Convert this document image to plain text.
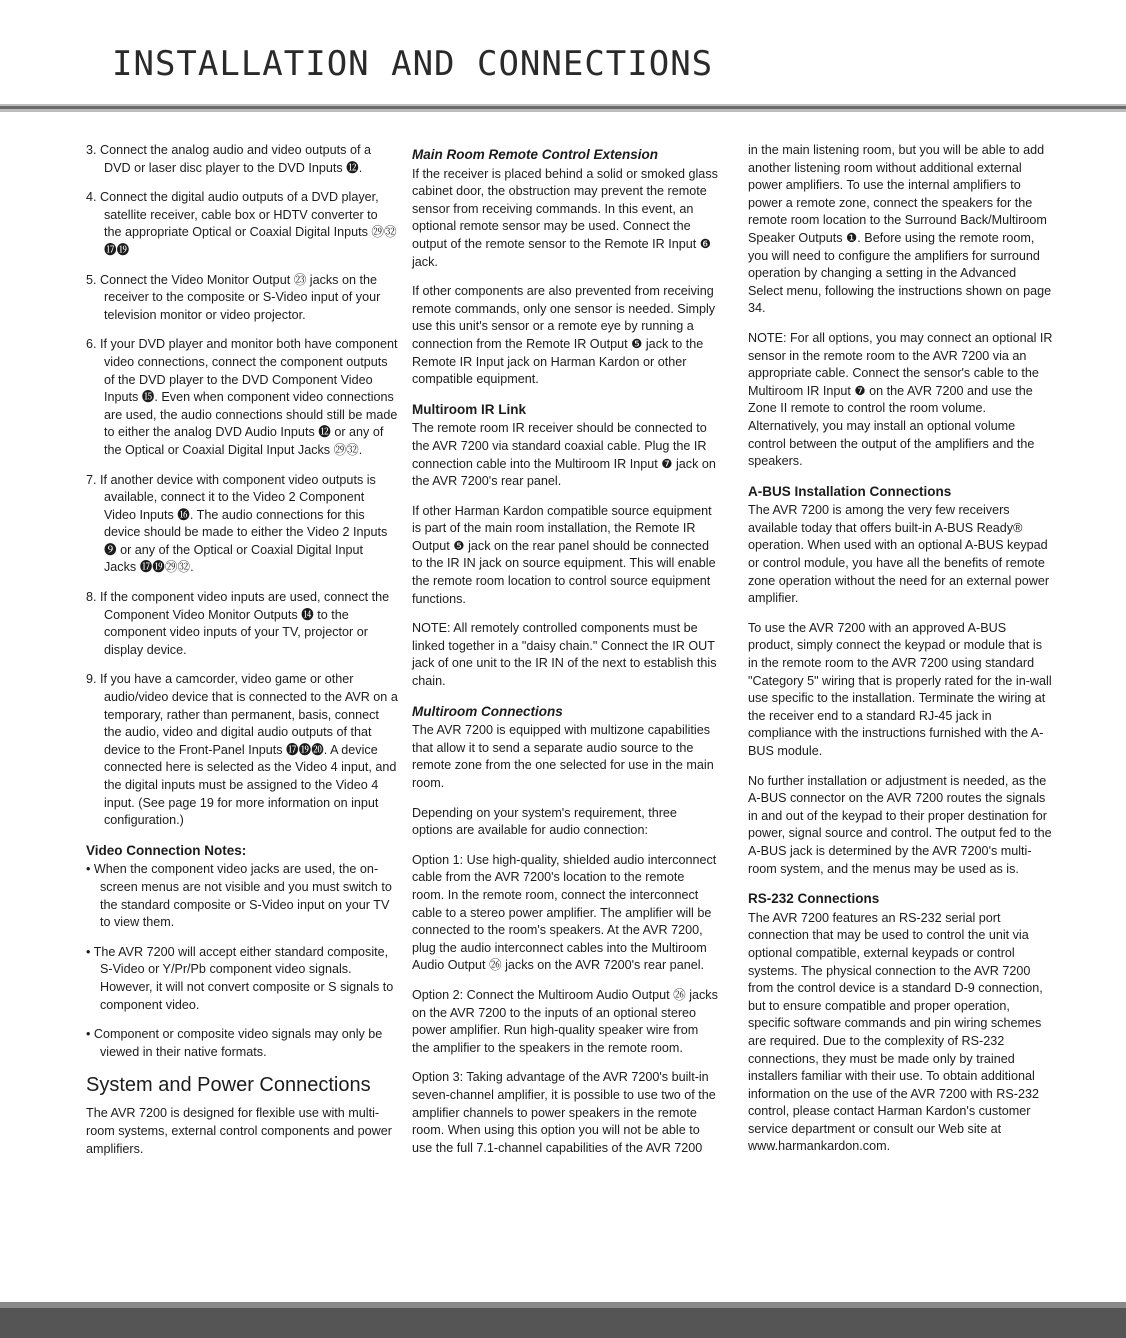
INSTALLATION AND CONNECTIONS

3. Connect the analog audio and video outputs of a DVD or laser disc player to the DVD Inputs ⓬.

4. Connect the digital audio outputs of a DVD player, satellite receiver, cable box or HDTV converter to the appropriate Optical or Coaxial Digital Inputs ㉙㉜⓱⓳

5. Connect the Video Monitor Output ㉓ jacks on the receiver to the composite or S-Video input of your television monitor or video projector.

6. If your DVD player and monitor both have component video connections, connect the component outputs of the DVD player to the DVD Component Video Inputs ⓯. Even when component video connections are used, the audio connections should still be made to either the analog DVD Audio Inputs ⓬ or any of the Optical or Coaxial Digital Input Jacks ㉙㉜.

7. If another device with component video outputs is available, connect it to the Video 2 Component Video Inputs ⓰. The audio connections for this device should be made to either the Video 2 Inputs ❾ or any of the Optical or Coaxial Digital Input Jacks ⓱⓳㉙㉜.

8. If the component video inputs are used, connect the Component Video Monitor Outputs ⓮ to the component video inputs of your TV, projector or display device.

9. If you have a camcorder, video game or other audio/video device that is connected to the AVR on a temporary, rather than permanent, basis, connect the audio, video and digital audio outputs of that device to the Front-Panel Inputs ⓱⓳⓴. A device connected here is selected as the Video 4 input, and the digital inputs must be assigned to the Video 4 input. (See page 19 for more information on input configuration.)

Video Connection Notes:

• When the component video jacks are used, the on-screen menus are not visible and you must switch to the standard composite or S-Video input on your TV to view them.

• The AVR 7200 will accept either standard composite, S-Video or Y/Pr/Pb component video signals. However, it will not convert composite or S signals to component video.

• Component or composite video signals may only be viewed in their native formats.

System and Power Connections

The AVR 7200 is designed for flexible use with multi-room systems, external control components and power amplifiers.

Main Room Remote Control Extension

If the receiver is placed behind a solid or smoked glass cabinet door, the obstruction may prevent the remote sensor from receiving commands. In this event, an optional remote sensor may be used. Connect the output of the remote sensor to the Remote IR Input ❻ jack.

If other components are also prevented from receiving remote commands, only one sensor is needed. Simply use this unit's sensor or a remote eye by running a connection from the Remote IR Output ❺ jack to the Remote IR Input jack on Harman Kardon or other compatible equipment.

Multiroom IR Link

The remote room IR receiver should be connected to the AVR 7200 via standard coaxial cable. Plug the IR connection cable into the Multiroom IR Input ❼ jack on the AVR 7200's rear panel.

If other Harman Kardon compatible source equipment is part of the main room installation, the Remote IR Output ❺ jack on the rear panel should be connected to the IR IN jack on source equipment. This will enable the remote room location to control source equipment functions.

NOTE: All remotely controlled components must be linked together in a "daisy chain." Connect the IR OUT jack of one unit to the IR IN of the next to establish this chain.

Multiroom Connections

The AVR 7200 is equipped with multizone capabilities that allow it to send a separate audio source to the remote zone from the one selected for use in the main room.

Depending on your system's requirement, three options are available for audio connection:

Option 1: Use high-quality, shielded audio interconnect cable from the AVR 7200's location to the remote room. In the remote room, connect the interconnect cable to a stereo power amplifier. The amplifier will be connected to the room's speakers. At the AVR 7200, plug the audio interconnect cables into the Multiroom Audio Output ㉖ jacks on the AVR 7200's rear panel.

Option 2: Connect the Multiroom Audio Output ㉖ jacks on the AVR 7200 to the inputs of an optional stereo power amplifier. Run high-quality speaker wire from the amplifier to the speakers in the remote room.

Option 3: Taking advantage of the AVR 7200's built-in seven-channel amplifier, it is possible to use two of the amplifier channels to power speakers in the remote room. When using this option you will not be able to use the full 7.1-channel capabilities of the AVR 7200

in the main listening room, but you will be able to add another listening room without additional external power amplifiers. To use the internal amplifiers to power a remote zone, connect the speakers for the remote room location to the Surround Back/Multiroom Speaker Outputs ❶. Before using the remote room, you will need to configure the amplifiers for surround operation by changing a setting in the Advanced Select menu, following the instructions shown on page 34.

NOTE: For all options, you may connect an optional IR sensor in the remote room to the AVR 7200 via an appropriate cable. Connect the sensor's cable to the Multiroom IR Input ❼ on the AVR 7200 and use the Zone II remote to control the room volume. Alternatively, you may install an optional volume control between the output of the amplifiers and the speakers.

A-BUS Installation Connections

The AVR 7200 is among the very few receivers available today that offers built-in A-BUS Ready® operation. When used with an optional A-BUS keypad or control module, you have all the benefits of remote zone operation without the need for an external power amplifier.

To use the AVR 7200 with an approved A-BUS product, simply connect the keypad or module that is in the remote room to the AVR 7200 using standard "Category 5" wiring that is properly rated for the in-wall use specific to the installation. Terminate the wiring at the receiver end to a standard RJ-45 jack in compliance with the instructions furnished with the A-BUS module.

No further installation or adjustment is needed, as the A-BUS connector on the AVR 7200 routes the signals in and out of the keypad to their proper destination for power, signal source and control. The output fed to the A-BUS jack is determined by the AVR 7200's multi-room system, and the menus may be used as is.

RS-232 Connections

The AVR 7200 features an RS-232 serial port connection that may be used to control the unit via optional compatible, external keypads or control systems. The physical connection to the AVR 7200 from the control device is a standard D-9 connection, but to ensure compatible and proper operation, specific software commands and pin wiring schemes are required. Due to the complexity of RS-232 connections, they must be made only by trained installers familiar with their use. To obtain additional information on the use of the AVR 7200 with RS-232 control, please contact Harman Kardon's customer service department or consult our Web site at www.harmankardon.com.
